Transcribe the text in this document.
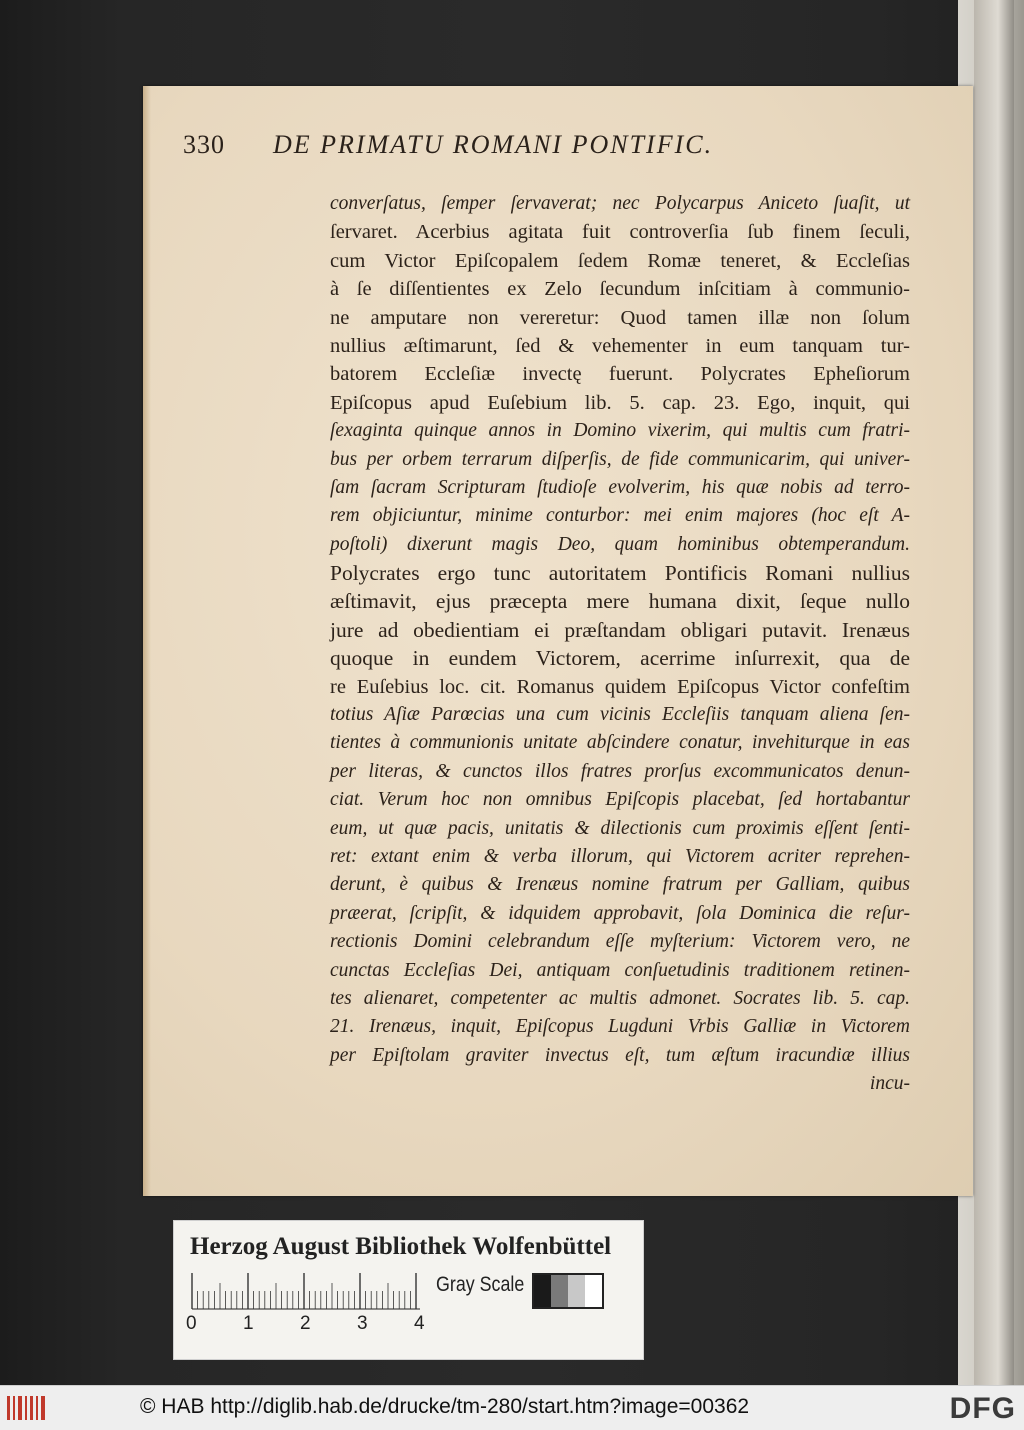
330	DE PRIMATU ROMANI PONTIFIC.
converſatus, ſemper ſervaverat; nec Polycarpus Aniceto ſuaſit, ut
ſervaret. Acerbius agitata fuit controverſia ſub finem ſeculi,
cum Victor Epiſcopalem ſedem Romæ teneret, & Eccleſias
à ſe diſſentientes ex Zelo ſecundum inſcitiam à communio-
ne amputare non vereretur: Quod tamen illæ non ſolum
nullius æſtimarunt, ſed & vehementer in eum tanquam tur-
batorem Eccleſiæ invectę fuerunt. Polycrates Epheſiorum
Epiſcopus apud Euſebium lib. 5. cap. 23. Ego, inquit, qui
ſexaginta quinque annos in Domino vixerim, qui multis cum fratri-
bus per orbem terrarum diſperſis, de fide communicarim, qui univer-
ſam ſacram Scripturam ſtudioſe evolverim, his quæ nobis ad terro-
rem objiciuntur, minime conturbor: mei enim majores (hoc eſt A-
poſtoli) dixerunt magis Deo, quam hominibus obtemperandum.
Polycrates ergo tunc autoritatem Pontificis Romani nullius
æſtimavit, ejus præcepta mere humana dixit, ſeque nullo
jure ad obedientiam ei præſtandam obligari putavit. Irenæus
quoque in eundem Victorem, acerrime inſurrexit, qua de
re Euſebius loc. cit. Romanus quidem Epiſcopus Victor confeſtim
totius Aſiæ Parœcias una cum vicinis Eccleſiis tanquam aliena ſen-
tientes à communionis unitate abſcindere conatur, invehiturque in eas
per literas, & cunctos illos fratres prorſus excommunicatos denun-
ciat. Verum hoc non omnibus Epiſcopis placebat, ſed hortabantur
eum, ut quæ pacis, unitatis & dilectionis cum proximis eſſent ſenti-
ret: extant enim & verba illorum, qui Victorem acriter reprehen-
derunt, è quibus & Irenæus nomine fratrum per Galliam, quibus
præerat, ſcripſit, & idquidem approbavit, ſola Dominica die reſur-
rectionis Domini celebrandum eſſe myſterium: Victorem vero, ne
cunctas Eccleſias Dei, antiquam conſuetudinis traditionem retinen-
tes alienaret, competenter ac multis admonet. Socrates lib. 5. cap.
21. Irenæus, inquit, Epiſcopus Lugduni Vrbis Galliæ in Victorem
per Epiſtolam graviter invectus eſt, tum æſtum iracundiæ illius
incu-
Herzog August Bibliothek Wolfenbüttel
0 1 2 3 4
Gray Scale
© HAB http://diglib.hab.de/drucke/tm-280/start.htm?image=00362	DFG
